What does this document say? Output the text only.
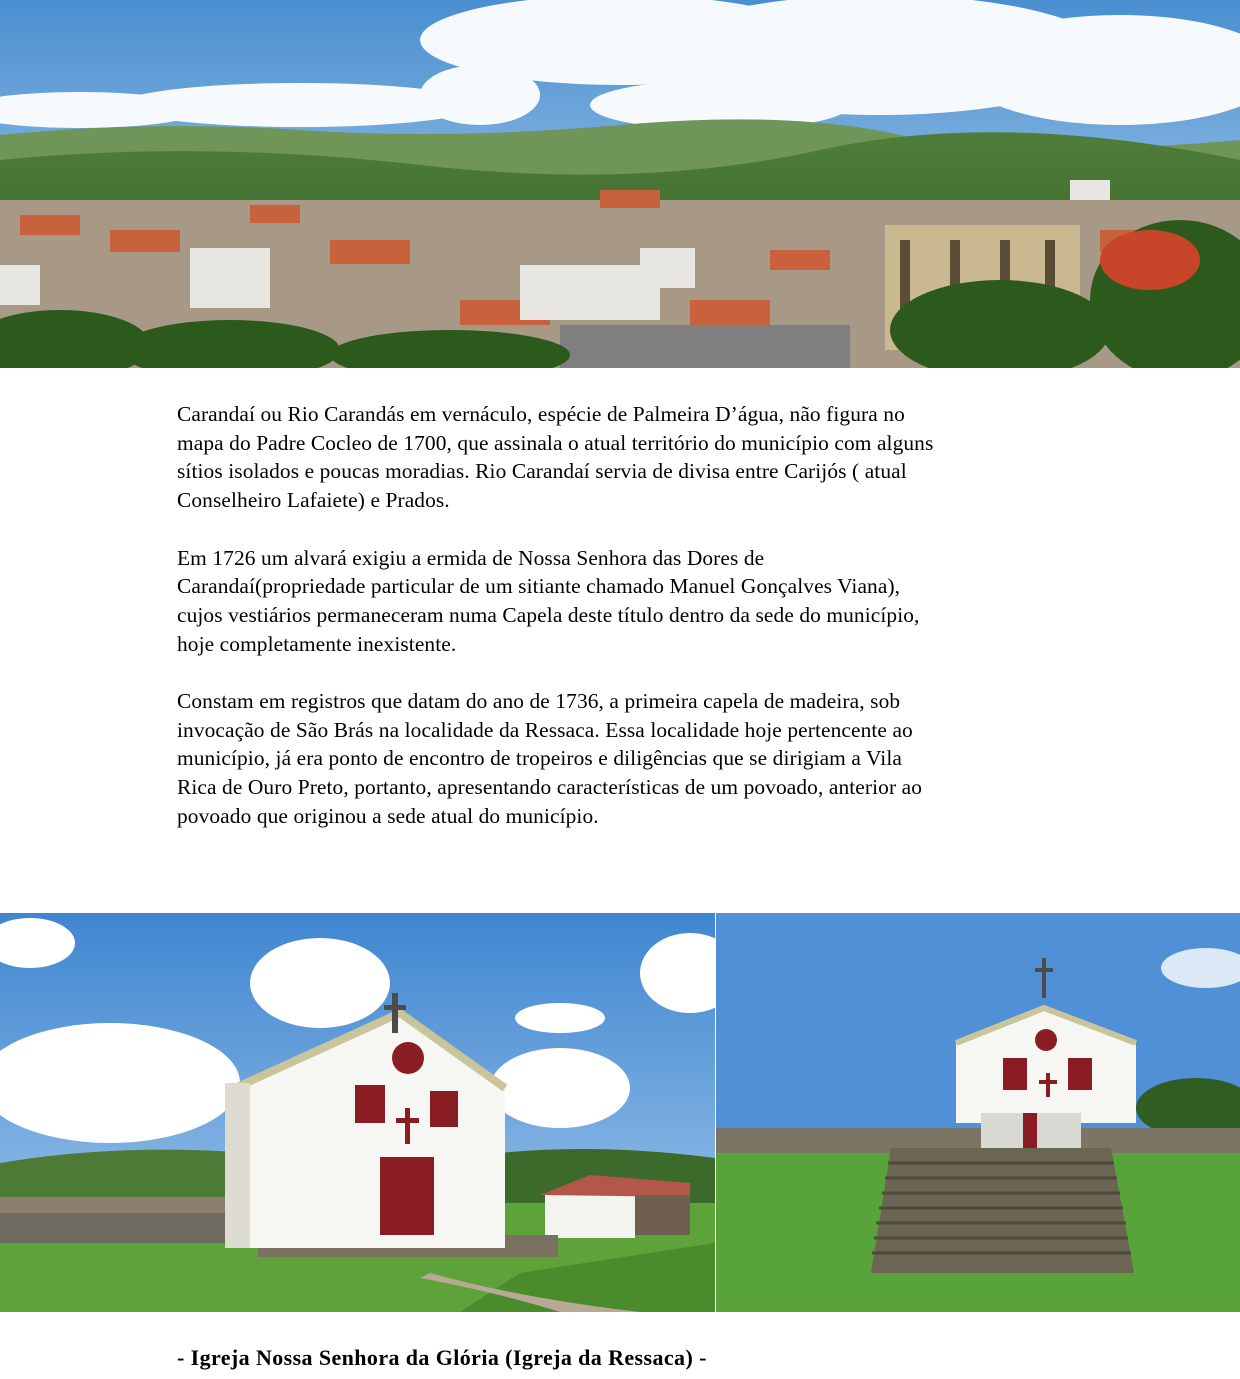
Carandaí ou Rio Carandás em vernáculo, espécie de Palmeira D’água, não figura no
mapa do Padre Cocleo de 1700, que assinala o atual território do município com alguns
sítios isolados e poucas moradias. Rio Carandaí servia de divisa entre Carijós ( atual
Conselheiro Lafaiete) e Prados.

Em 1726 um alvará exigiu a ermida de Nossa Senhora das Dores de
Carandaí(propriedade particular de um sitiante chamado Manuel Gonçalves Viana),
cujos vestiários permaneceram numa Capela deste título dentro da sede do município,
hoje completamente inexistente.

Constam em registros que datam do ano de 1736, a primeira capela de madeira, sob
invocação de São Brás na localidade da Ressaca. Essa localidade hoje pertencente ao
município, já era ponto de encontro de tropeiros e diligências que se dirigiam a Vila
Rica de Ouro Preto, portanto, apresentando características de um povoado, anterior ao
povoado que originou a sede atual do município.

- Igreja Nossa Senhora da Glória (Igreja da Ressaca) -
